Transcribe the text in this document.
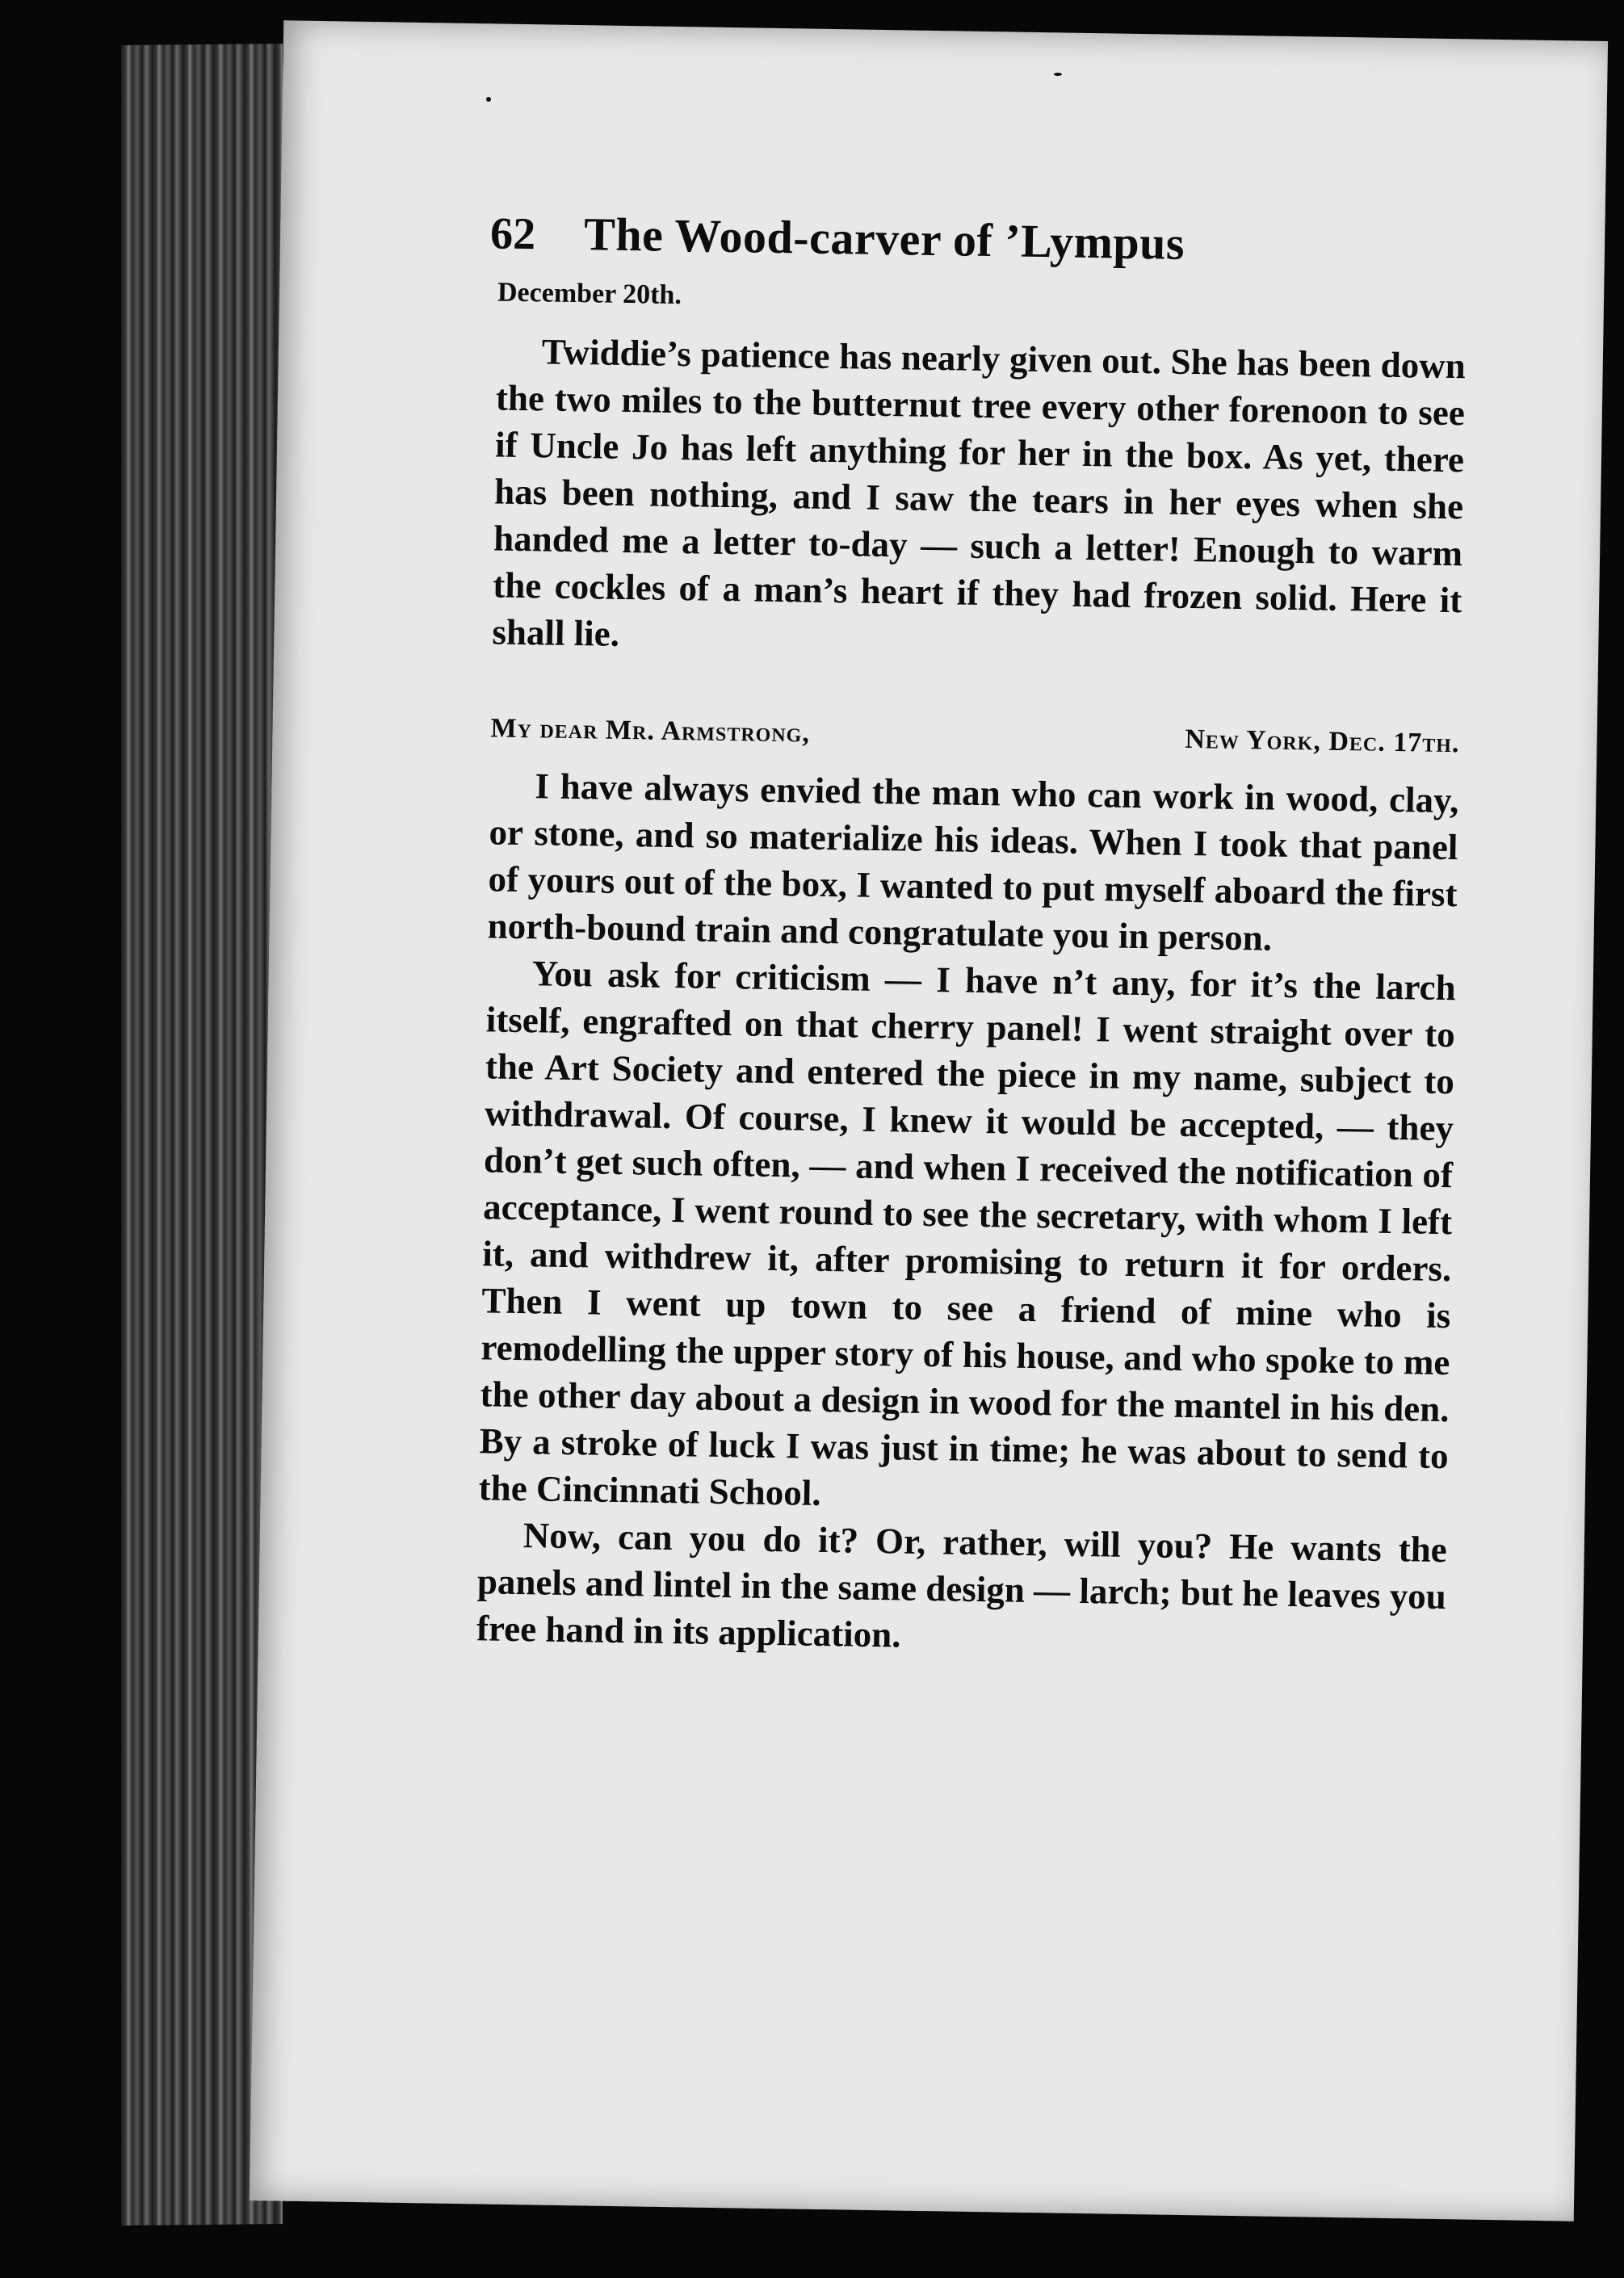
62 The Wood-carver of ’Lympus
December 20th.

Twiddie’s patience has nearly given out. She has been down the two miles to the butternut tree every other forenoon to see if Uncle Jo has left anything for her in the box. As yet, there has been nothing, and I saw the tears in her eyes when she handed me a letter to-day — such a letter! Enough to warm the cockles of a man’s heart if they had frozen solid. Here it shall lie.

My dear Mr. Armstrong,	New York, Dec. 17th.

I have always envied the man who can work in wood, clay, or stone, and so materialize his ideas. When I took that panel of yours out of the box, I wanted to put myself aboard the first north-bound train and congratulate you in person.

You ask for criticism — I have n’t any, for it’s the larch itself, engrafted on that cherry panel! I went straight over to the Art Society and entered the piece in my name, subject to withdrawal. Of course, I knew it would be accepted, — they don’t get such often, — and when I received the notification of acceptance, I went round to see the secretary, with whom I left it, and withdrew it, after promising to return it for orders. Then I went up town to see a friend of mine who is remodelling the upper story of his house, and who spoke to me the other day about a design in wood for the mantel in his den. By a stroke of luck I was just in time; he was about to send to the Cincinnati School.

Now, can you do it? Or, rather, will you? He wants the panels and lintel in the same design — larch; but he leaves you free hand in its application.
